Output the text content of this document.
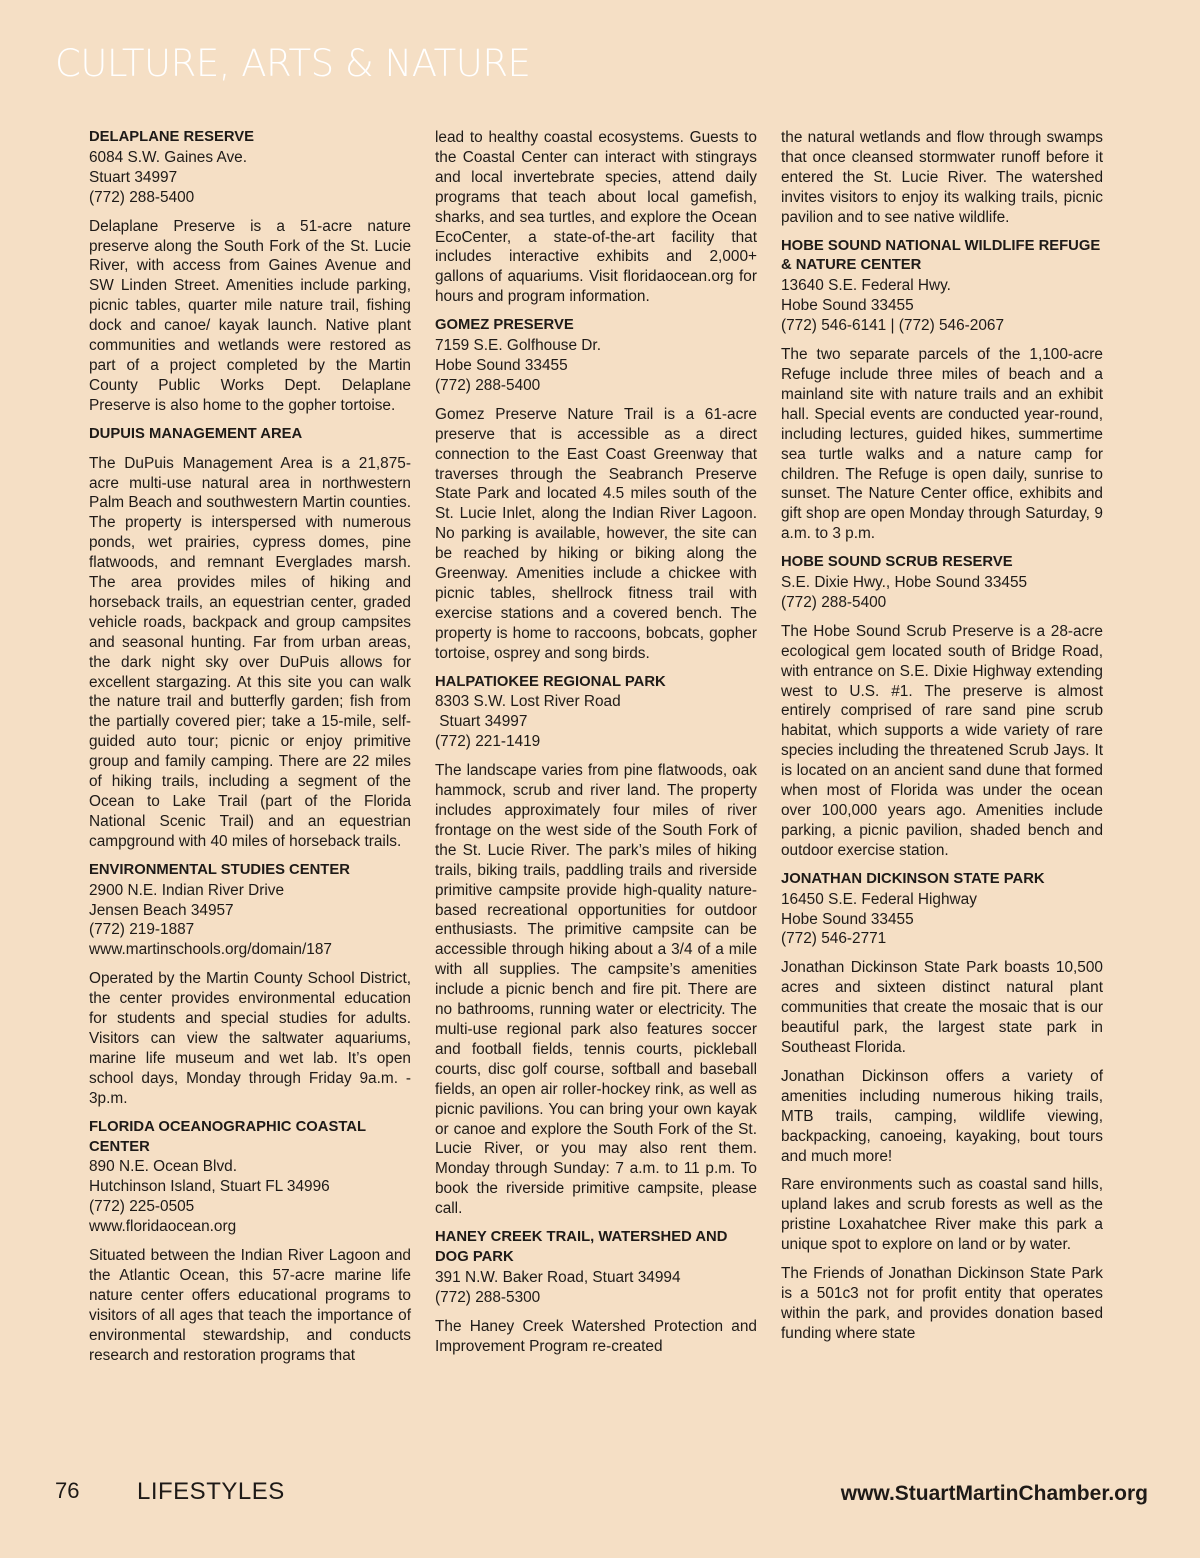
CULTURE, ARTS & NATURE
DELAPLANE RESERVE
6084 S.W. Gaines Ave.
Stuart 34997
(772) 288-5400

Delaplane Preserve is a 51-acre nature preserve along the South Fork of the St. Lucie River, with access from Gaines Avenue and SW Linden Street. Amenities include parking, picnic tables, quarter mile nature trail, fishing dock and canoe/ kayak launch. Native plant communities and wetlands were restored as part of a project completed by the Martin County Public Works Dept. Delaplane Preserve is also home to the gopher tortoise.

DUPUIS MANAGEMENT AREA

The DuPuis Management Area is a 21,875-acre multi-use natural area in northwestern Palm Beach and southwestern Martin counties. The property is interspersed with numerous ponds, wet prairies, cypress domes, pine flatwoods, and remnant Everglades marsh. The area provides miles of hiking and horseback trails, an equestrian center, graded vehicle roads, backpack and group campsites and seasonal hunting. Far from urban areas, the dark night sky over DuPuis allows for excellent stargazing. At this site you can walk the nature trail and butterfly garden; fish from the partially covered pier; take a 15-mile, self-guided auto tour; picnic or enjoy primitive group and family camping. There are 22 miles of hiking trails, including a segment of the Ocean to Lake Trail (part of the Florida National Scenic Trail) and an equestrian campground with 40 miles of horseback trails.

ENVIRONMENTAL STUDIES CENTER
2900 N.E. Indian River Drive
Jensen Beach 34957
(772) 219-1887
www.martinschools.org/domain/187

Operated by the Martin County School District, the center provides environmental education for students and special studies for adults. Visitors can view the saltwater aquariums, marine life museum and wet lab. It’s open school days, Monday through Friday 9a.m. - 3p.m.

FLORIDA OCEANOGRAPHIC COASTAL CENTER
890 N.E. Ocean Blvd.
Hutchinson Island, Stuart FL 34996
(772) 225-0505
www.floridaocean.org

Situated between the Indian River Lagoon and the Atlantic Ocean, this 57-acre marine life nature center offers educational programs to visitors of all ages that teach the importance of environmental stewardship, and conducts research and restoration programs that

lead to healthy coastal ecosystems. Guests to the Coastal Center can interact with stingrays and local invertebrate species, attend daily programs that teach about local gamefish, sharks, and sea turtles, and explore the Ocean EcoCenter, a state-of-the-art facility that includes interactive exhibits and 2,000+ gallons of aquariums. Visit floridaocean.org for hours and program information.

GOMEZ PRESERVE
7159 S.E. Golfhouse Dr.
Hobe Sound 33455
(772) 288-5400

Gomez Preserve Nature Trail is a 61-acre preserve that is accessible as a direct connection to the East Coast Greenway that traverses through the Seabranch Preserve State Park and located 4.5 miles south of the St. Lucie Inlet, along the Indian River Lagoon. No parking is available, however, the site can be reached by hiking or biking along the Greenway. Amenities include a chickee with picnic tables, shellrock fitness trail with exercise stations and a covered bench. The property is home to raccoons, bobcats, gopher tortoise, osprey and song birds.

HALPATIOKEE REGIONAL PARK
8303 S.W. Lost River Road
Stuart 34997
(772) 221-1419

The landscape varies from pine flatwoods, oak hammock, scrub and river land. The property includes approximately four miles of river frontage on the west side of the South Fork of the St. Lucie River. The park’s miles of hiking trails, biking trails, paddling trails and riverside primitive campsite provide high-quality nature-based recreational opportunities for outdoor enthusiasts. The primitive campsite can be accessible through hiking about a 3/4 of a mile with all supplies. The campsite’s amenities include a picnic bench and fire pit. There are no bathrooms, running water or electricity. The multi-use regional park also features soccer and football fields, tennis courts, pickleball courts, disc golf course, softball and baseball fields, an open air roller-hockey rink, as well as picnic pavilions. You can bring your own kayak or canoe and explore the South Fork of the St. Lucie River, or you may also rent them. Monday through Sunday: 7 a.m. to 11 p.m. To book the riverside primitive campsite, please call.

HANEY CREEK TRAIL, WATERSHED AND DOG PARK
391 N.W. Baker Road, Stuart 34994
(772) 288-5300

The Haney Creek Watershed Protection and Improvement Program re-created

the natural wetlands and flow through swamps that once cleansed stormwater runoff before it entered the St. Lucie River. The watershed invites visitors to enjoy its walking trails, picnic pavilion and to see native wildlife.

HOBE SOUND NATIONAL WILDLIFE REFUGE  & NATURE CENTER
13640 S.E. Federal Hwy.
Hobe Sound 33455
(772) 546-6141 | (772) 546-2067

The two separate parcels of the 1,100-acre Refuge include three miles of beach and a mainland site with nature trails and an exhibit hall. Special events are conducted year-round, including lectures, guided hikes, summertime sea turtle walks and a nature camp for children. The Refuge is open daily, sunrise to sunset. The Nature Center office, exhibits and gift shop are open Monday through Saturday, 9 a.m. to 3 p.m.

HOBE SOUND SCRUB RESERVE
S.E. Dixie Hwy., Hobe Sound 33455
(772) 288-5400

The Hobe Sound Scrub Preserve is a 28-acre ecological gem located south of Bridge Road, with entrance on S.E. Dixie Highway extending west to U.S. #1. The preserve is almost entirely comprised of rare sand pine scrub habitat, which supports a wide variety of rare species including the threatened Scrub Jays. It is located on an ancient sand dune that formed when most of Florida was under the ocean over 100,000 years ago. Amenities include parking, a picnic pavilion, shaded bench and outdoor exercise station.

JONATHAN DICKINSON STATE PARK
16450 S.E. Federal Highway
Hobe Sound 33455
(772) 546-2771

Jonathan Dickinson State Park boasts 10,500 acres and sixteen distinct natural plant communities that create the mosaic that is our beautiful park, the largest state park in Southeast Florida.

Jonathan Dickinson offers a variety of amenities including numerous hiking trails, MTB trails, camping, wildlife viewing, backpacking, canoeing, kayaking, bout tours and much more!

Rare environments such as coastal sand hills, upland lakes and scrub forests as well as the pristine Loxahatchee River make this park a unique spot to explore on land or by water.

The Friends of Jonathan Dickinson State Park is a 501c3 not for profit entity that operates within the park, and provides donation based funding where state

76 LIFESTYLES	www.StuartMartinChamber.org
